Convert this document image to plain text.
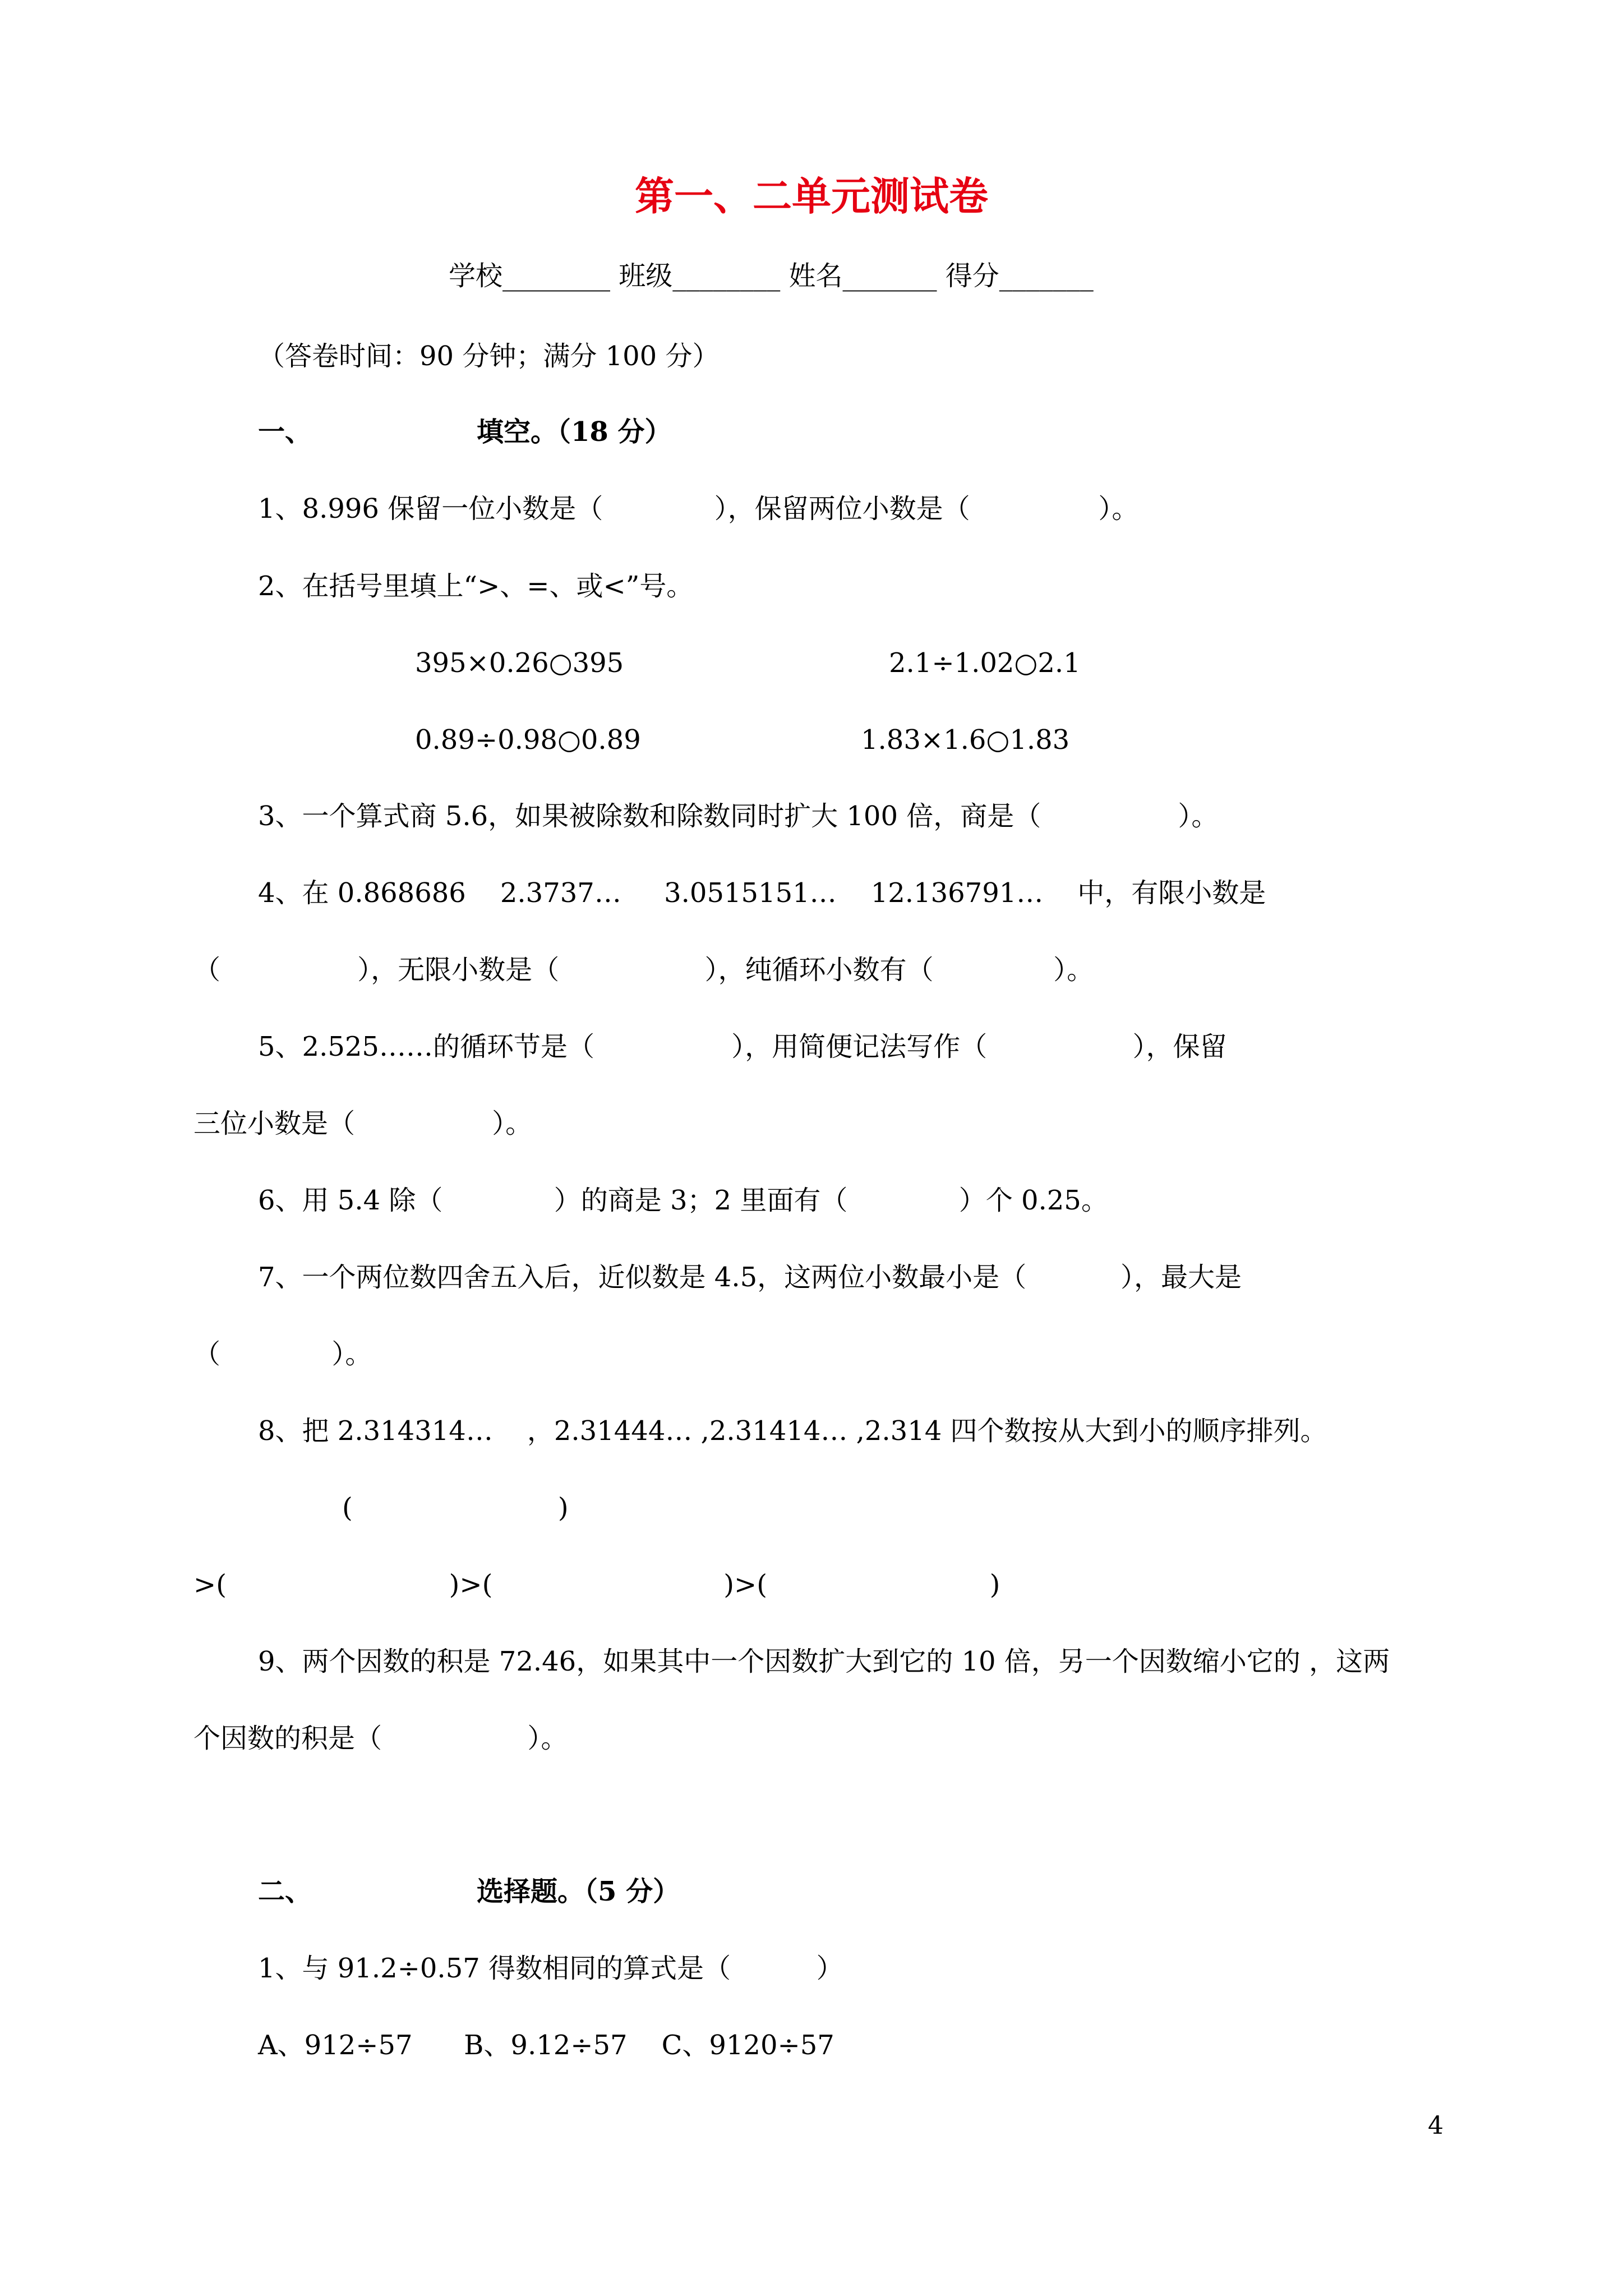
第一、二单元测试卷
学校________ 班级________ 姓名_______ 得分_______
（答卷时间：90 分钟；满分 100 分）
一、	填空。（18 分）
1、8.996 保留一位小数是（             ），保留两位小数是（               ）。
2、在括号里填上“>、=、或<”号。
395×0.26○395	2.1÷1.02○2.1
0.89÷0.98○0.89	1.83×1.6○1.83
3、一个算式商 5.6，如果被除数和除数同时扩大 100 倍，商是（                ）。
4、在 0.868686    2.3737…     3.0515151…    12.136791…    中，有限小数是
（                ），无限小数是（                 ），纯循环小数有（              ）。
5、2.525……的循环节是（                ），用简便记法写作（                 ），保留
三位小数是（                ）。
6、用 5.4 除（             ）的商是 3；2 里面有（             ）个 0.25。
7、一个两位数四舍五入后，近似数是 4.5，这两位小数最小是（           ），最大是
（             ）。
8、把 2.314314…    ，2.31444… ,2.31414… ,2.314 四个数按从大到小的顺序排列。
(                        )
>(                          )>(                           )>(                          )
9、两个因数的积是 72.46，如果其中一个因数扩大到它的 10 倍，另一个因数缩小它的 ，这两
个因数的积是（                 ）。
二、	选择题。（5 分）
1、与 91.2÷0.57 得数相同的算式是（          ）
A、912÷57      B、9.12÷57    C、9120÷57
4
